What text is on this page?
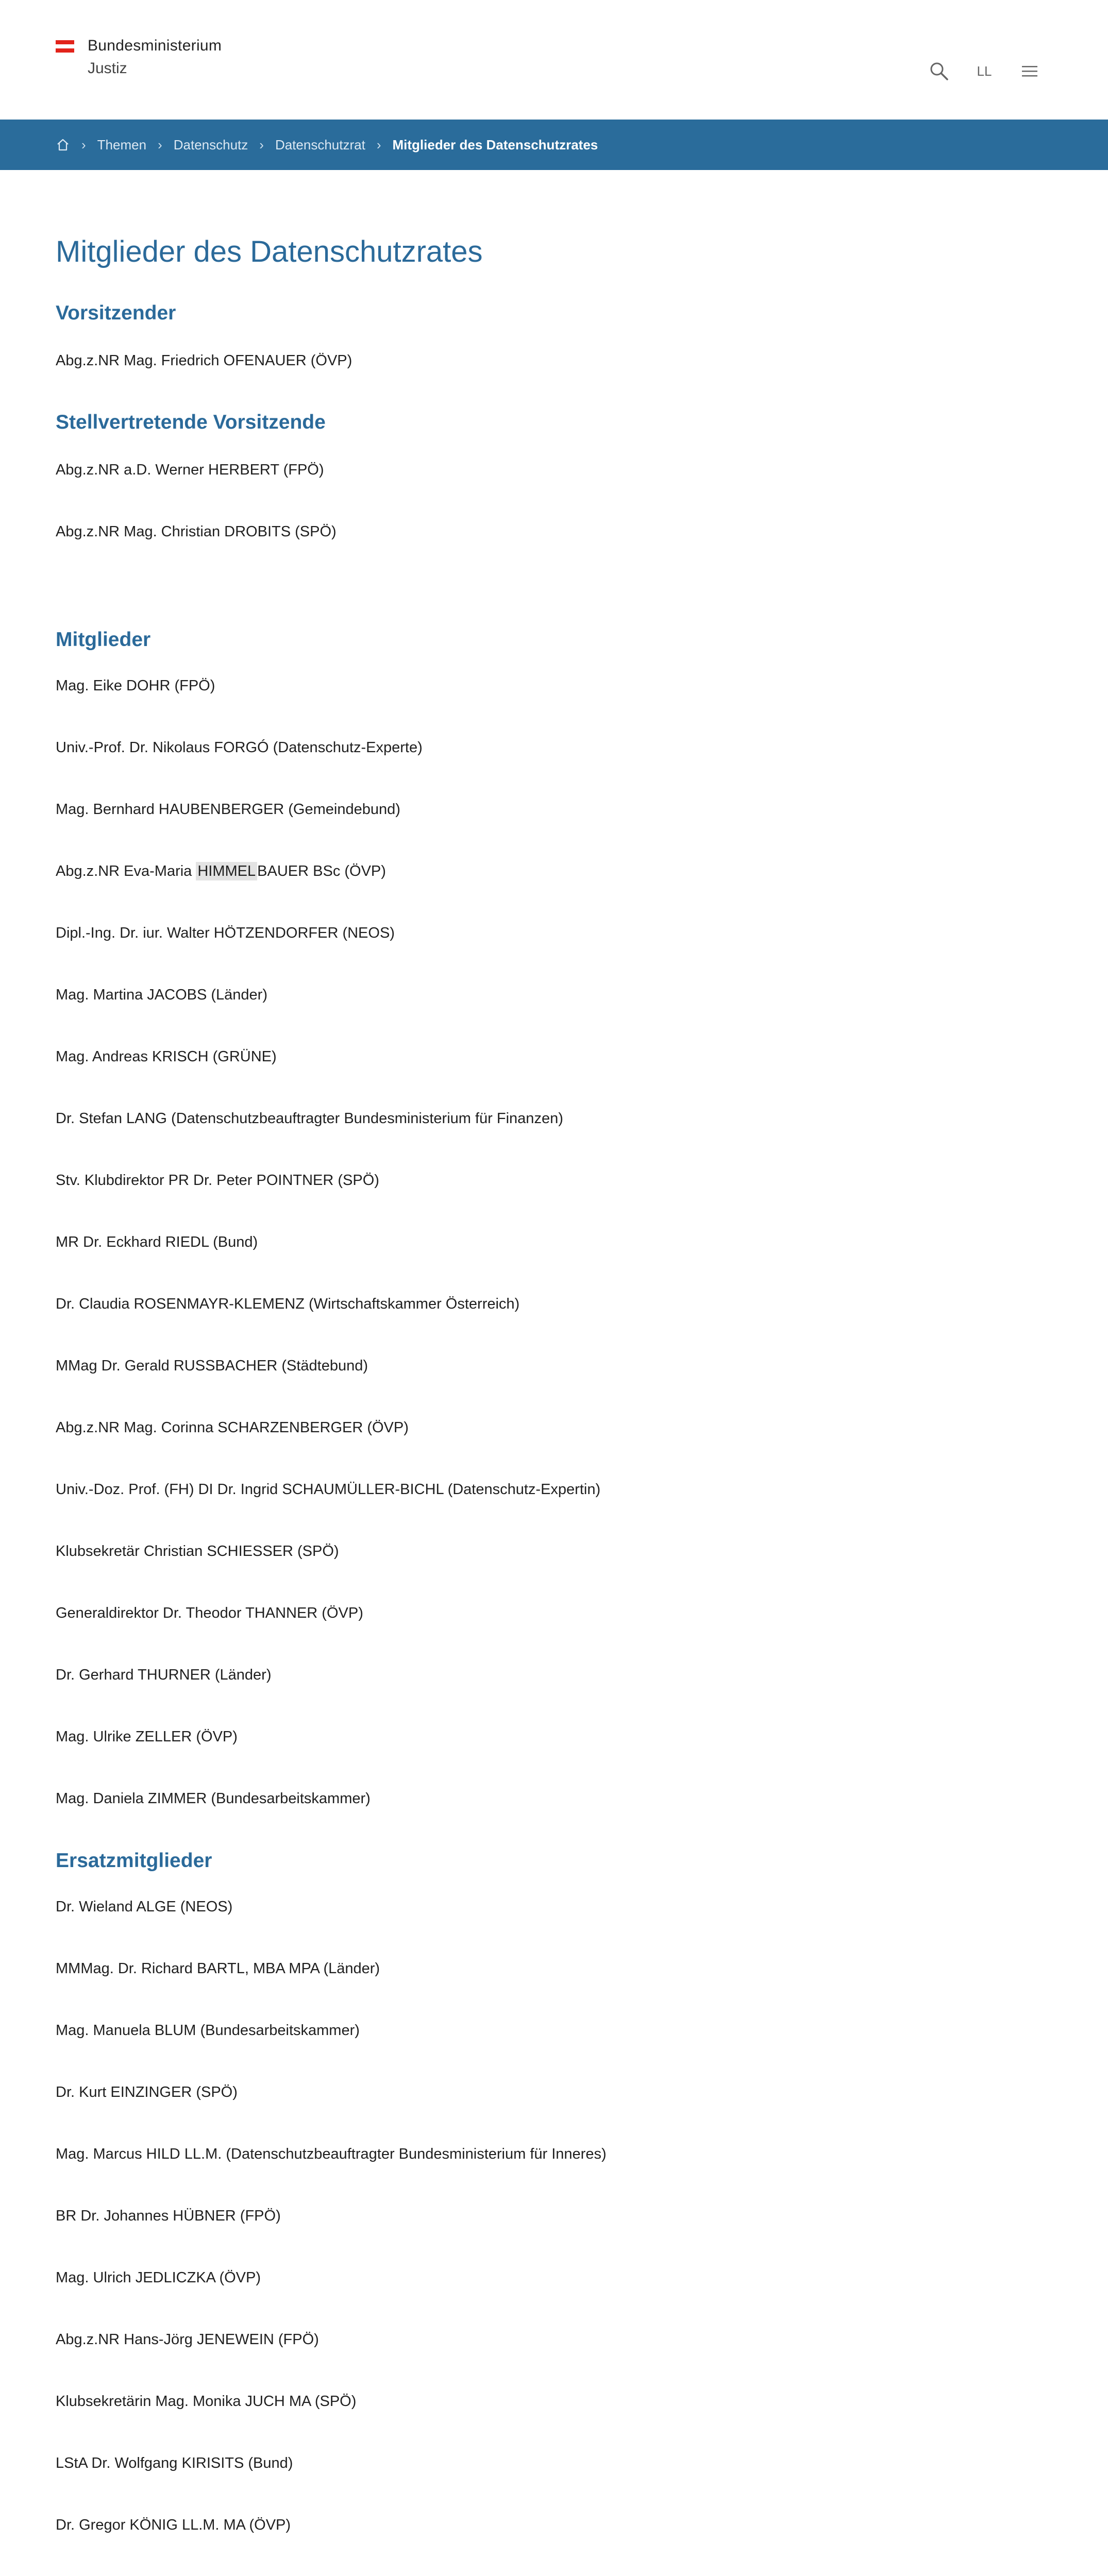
Bundesministerium
Justiz	LL
› Themen › Datenschutz › Datenschutzrat › Mitglieder des Datenschutzrates
Mitglieder des Datenschutzrates
Vorsitzender
Abg.z.NR Mag. Friedrich OFENAUER (ÖVP)
Stellvertretende Vorsitzende
Abg.z.NR a.D. Werner HERBERT (FPÖ)
Abg.z.NR Mag. Christian DROBITS (SPÖ)
Mitglieder
Mag. Eike DOHR (FPÖ)
Univ.-Prof. Dr. Nikolaus FORGÓ (Datenschutz-Experte)
Mag. Bernhard HAUBENBERGER (Gemeindebund)
Abg.z.NR Eva-Maria HIMMEL BAUER BSc (ÖVP)
Dipl.-Ing. Dr. iur. Walter HÖTZENDORFER (NEOS)
Mag. Martina JACOBS (Länder)
Mag. Andreas KRISCH (GRÜNE)
Dr. Stefan LANG (Datenschutzbeauftragter Bundesministerium für Finanzen)
Stv. Klubdirektor PR Dr. Peter POINTNER (SPÖ)
MR Dr. Eckhard RIEDL (Bund)
Dr. Claudia ROSENMAYR-KLEMENZ (Wirtschaftskammer Österreich)
MMag Dr. Gerald RUSSBACHER (Städtebund)
Abg.z.NR Mag. Corinna SCHARZENBERGER (ÖVP)
Univ.-Doz. Prof. (FH) DI Dr. Ingrid SCHAUMÜLLER-BICHL (Datenschutz-Expertin)
Klubsekretär Christian SCHIESSER (SPÖ)
Generaldirektor Dr. Theodor THANNER (ÖVP)
Dr. Gerhard THURNER (Länder)
Mag. Ulrike ZELLER (ÖVP)
Mag. Daniela ZIMMER (Bundesarbeitskammer)
Ersatzmitglieder
Dr. Wieland ALGE (NEOS)
MMMag. Dr. Richard BARTL, MBA MPA (Länder)
Mag. Manuela BLUM (Bundesarbeitskammer)
Dr. Kurt EINZINGER (SPÖ)
Mag. Marcus HILD LL.M. (Datenschutzbeauftragter Bundesministerium für Inneres)
BR Dr. Johannes HÜBNER (FPÖ)
Mag. Ulrich JEDLICZKA (ÖVP)
Abg.z.NR Hans-Jörg JENEWEIN (FPÖ)
Klubsekretärin Mag. Monika JUCH MA (SPÖ)
LStA Dr. Wolfgang KIRISITS (Bund)
Dr. Gregor KÖNIG LL.M. MA (ÖVP)
